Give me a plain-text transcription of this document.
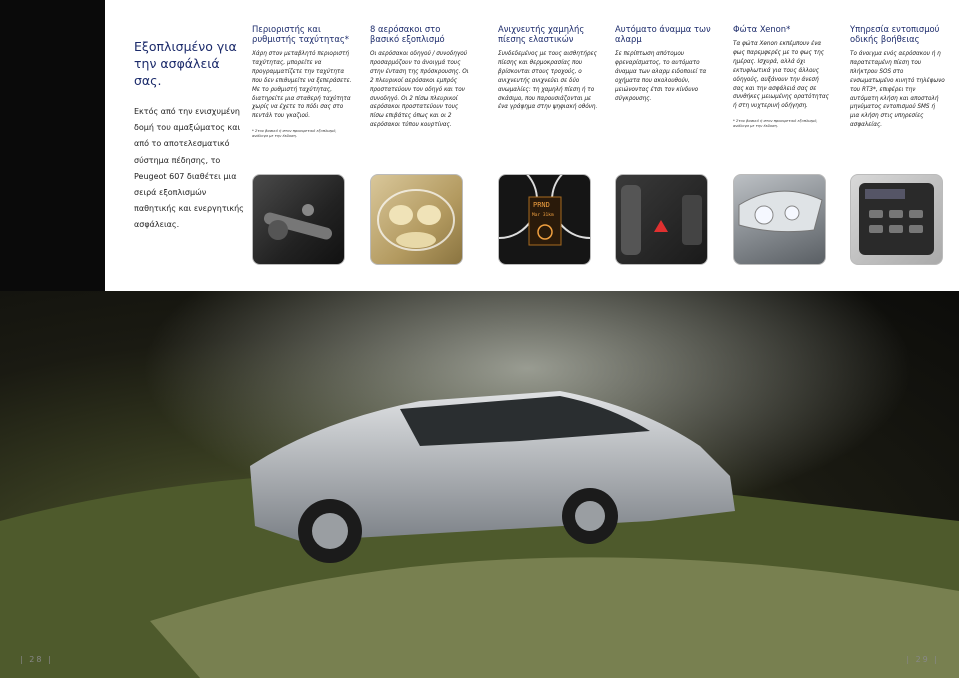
Εξοπλισμένο για την ασφάλειά σας.

Εκτός από την ενισχυμένη δομή του αμαξώματος και από το αποτελεσματικό σύστημα πέδησης, το Peugeot 607 διαθέτει μια σειρά εξοπλισμών παθητικής και ενεργητικής ασφάλειας.

Περιοριστής και ρυθμιστής ταχύτητας*

Χάρη στον μεταβλητό περιοριστή ταχύτητας, μπορείτε να προγραμματίζετε την ταχύτητα που δεν επιθυμείτε να ξεπεράσετε. Με το ρυθμιστή ταχύτητας, διατηρείτε μια σταθερή ταχύτητα χωρίς να έχετε το πόδι σας στο πεντάλ του γκαζιού.

* Στον βασικό ή στον προαιρετικό εξοπλισμό, ανάλογα με την έκδοση.

8 αερόσακοι στο βασικό εξοπλισμό

Οι αερόσακοι οδηγού / συνοδηγού προσαρμόζουν το άνοιγμά τους στην ένταση της πρόσκρουσης. Οι 2 πλευρικοί αερόσακοι εμπρός προστατεύουν τον οδηγό και τον συνοδηγό. Οι 2 πίσω πλευρικοί αερόσακοι προστατεύουν τους πίσω επιβάτες όπως και οι 2 αερόσακοι τύπου κουρτίνας.

Ανιχνευτής χαμηλής πίεσης ελαστικών

Συνδεδεμένος με τους αισθητήρες πίεσης και θερμοκρασίας που βρίσκονται στους τροχούς, ο ανιχνευτής ανιχνεύει σε δύο ανωμαλίες: τη χαμηλή πίεση ή το σκάσιμο, που παρουσιάζονται με ένα γράφημα στην ψηφιακή οθόνη.

Αυτόματο άναμμα των αλαρμ

Σε περίπτωση απότομου φρεναρίσματος, το αυτόματο άναμμα των αλαρμ ειδοποιεί τα οχήματα που ακολουθούν, μειώνοντας έτσι τον κίνδυνο σύγκρουσης.

Φώτα Xenon*

Τα φώτα Xenon εκπέμπουν ένα φως παρεμφερές με το φως της ημέρας. Ισχυρά, αλλά όχι εκτυφλωτικά για τους άλλους οδηγούς, αυξάνουν την άνεσή σας και την ασφάλειά σας σε συνθήκες μειωμένης ορατότητας ή στη νυχτερινή οδήγηση.

* Στον βασικό ή στον προαιρετικό εξοπλισμό, ανάλογα με την έκδοση.

Υπηρεσία εντοπισμού οδικής βοήθειας

Το άνοιγμα ενός αερόσακου ή η παρατεταμένη πίεση του πλήκτρου SOS στο ενσωματωμένο κινητό τηλέφωνο του RT3*, επιφέρει την αυτόματη κλήση και αποστολή μηνύματος εντοπισμού SMS ή μια κλήση στις υπηρεσίες ασφαλείας.

PRND
Mar 31km
| 28 |	| 29 |
